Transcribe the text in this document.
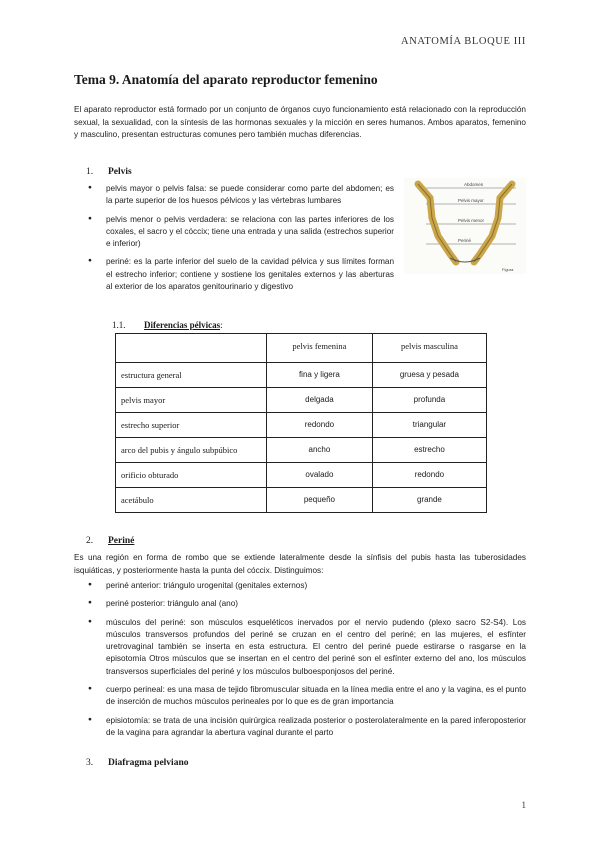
ANATOMÍA BLOQUE III
Tema 9. Anatomía del aparato reproductor femenino
El aparato reproductor está formado por un conjunto de órganos cuyo funcionamiento está relacionado con la reproducción sexual, la sexualidad, con la síntesis de las hormonas sexuales y la micción en seres humanos. Ambos aparatos, femenino y masculino, presentan estructuras comunes pero también muchas diferencias.
1. Pelvis
● pelvis mayor o pelvis falsa: se puede considerar como parte del abdomen; es la parte superior de los huesos pélvicos y las vértebras lumbares
● pelvis menor o pelvis verdadera: se relaciona con las partes inferiores de los coxales, el sacro y el cóccix; tiene una entrada y una salida (estrechos superior e inferior)
● periné: es la parte inferior del suelo de la cavidad pélvica y sus límites forman el estrecho inferior; contiene y sostiene los genitales externos y las aberturas al exterior de los aparatos genitourinario y digestivo
Abdomen
Pelvis mayor
Pelvis menor
Periné
Figura
1.1. Diferencias pélvicas:
	pelvis femenina	pelvis masculina
estructura general	fina y ligera	gruesa y pesada
pelvis mayor	delgada	profunda
estrecho superior	redondo	triangular
arco del pubis y ángulo subpúbico	ancho	estrecho
orificio obturado	ovalado	redondo
acetábulo	pequeño	grande
2. Periné
Es una región en forma de rombo que se extiende lateralmente desde la sínfisis del pubis hasta las tuberosidades isquiáticas, y posteriormente hasta la punta del cóccix. Distinguimos:
● periné anterior: triángulo urogenital (genitales externos)
● periné posterior: triángulo anal (ano)
● músculos del periné: son músculos esqueléticos inervados por el nervio pudendo (plexo sacro S2-S4). Los músculos transversos profundos del periné se cruzan en el centro del periné; en las mujeres, el esfínter uretrovaginal también se inserta en esta estructura. El centro del periné puede estirarse o rasgarse en la episotomía Otros músculos que se insertan en el centro del periné son el esfínter externo del ano, los músculos transversos superficiales del periné y los músculos bulboesponjosos del periné.
● cuerpo perineal: es una masa de tejido fibromuscular situada en la línea media entre el ano y la vagina, es el punto de inserción de muchos músculos perineales por lo que es de gran importancia
● episiotomía: se trata de una incisión quirúrgica realizada posterior o posterolateralmente en la pared inferoposterior de la vagina para agrandar la abertura vaginal durante el parto
3. Diafragma pelviano
1
